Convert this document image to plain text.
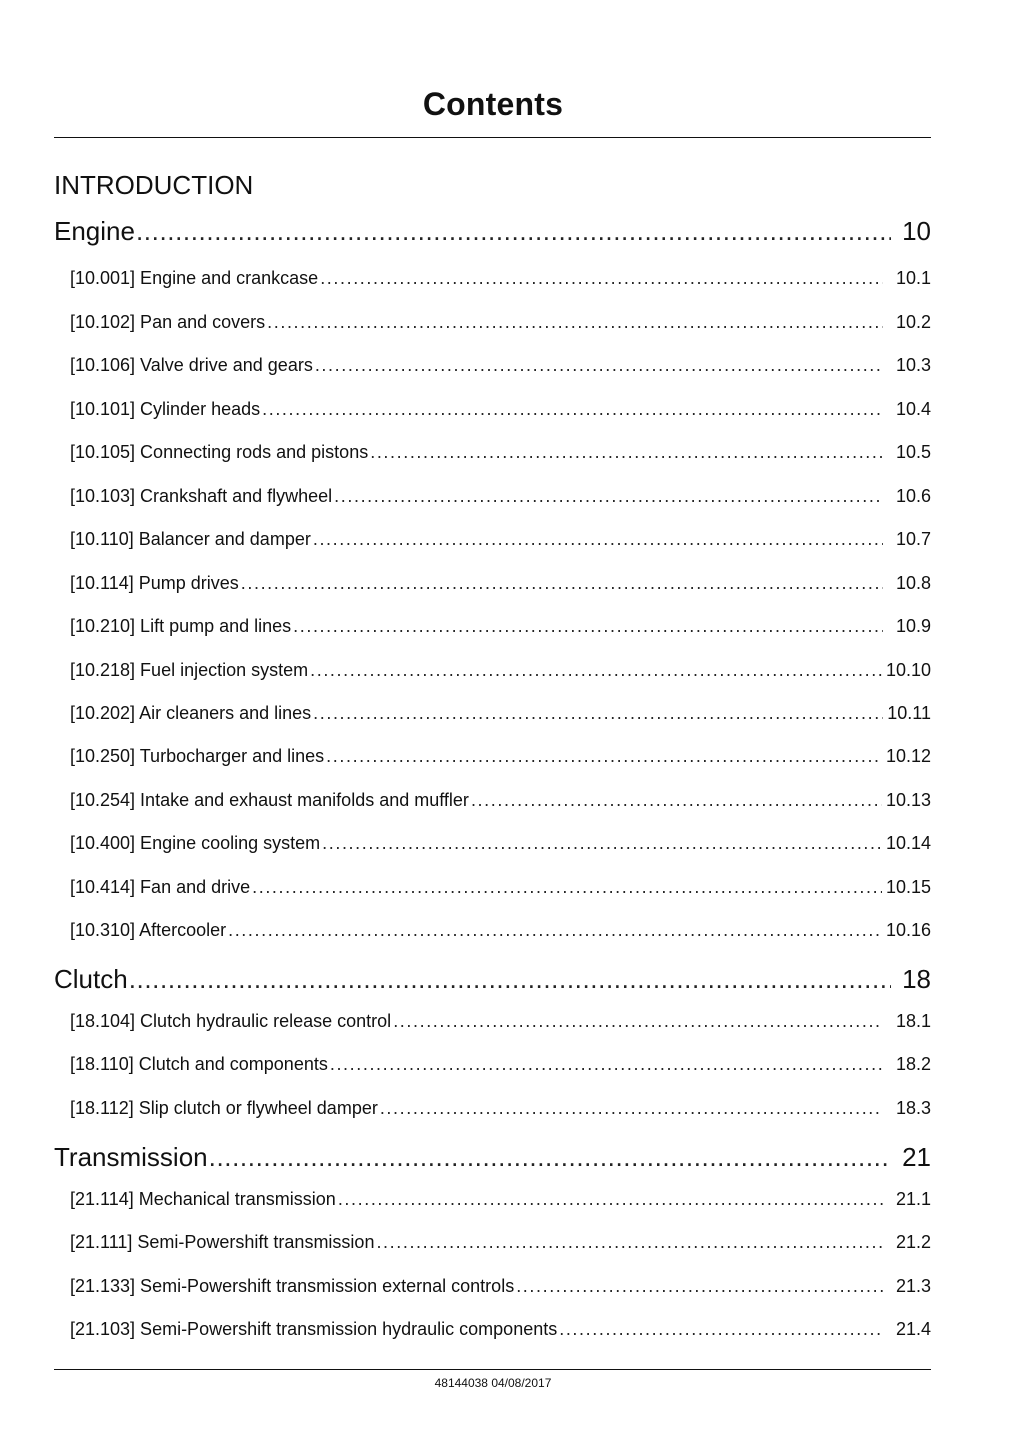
Contents
INTRODUCTION
Engine .....	10
[10.001] Engine and crankcase .....	10.1
[10.102] Pan and covers .....	10.2
[10.106] Valve drive and gears .....	10.3
[10.101] Cylinder heads .....	10.4
[10.105] Connecting rods and pistons .....	10.5
[10.103] Crankshaft and flywheel .....	10.6
[10.110] Balancer and damper .....	10.7
[10.114] Pump drives .....	10.8
[10.210] Lift pump and lines .....	10.9
[10.218] Fuel injection system .....	10.10
[10.202] Air cleaners and lines .....	10.11
[10.250] Turbocharger and lines .....	10.12
[10.254] Intake and exhaust manifolds and muffler .....	10.13
[10.400] Engine cooling system .....	10.14
[10.414] Fan and drive .....	10.15
[10.310] Aftercooler .....	10.16
Clutch .....	18
[18.104] Clutch hydraulic release control .....	18.1
[18.110] Clutch and components .....	18.2
[18.112] Slip clutch or flywheel damper .....	18.3
Transmission .....	21
[21.114] Mechanical transmission .....	21.1
[21.111] Semi-Powershift transmission .....	21.2
[21.133] Semi-Powershift transmission external controls .....	21.3
[21.103] Semi-Powershift transmission hydraulic components .....	21.4
48144038 04/08/2017
